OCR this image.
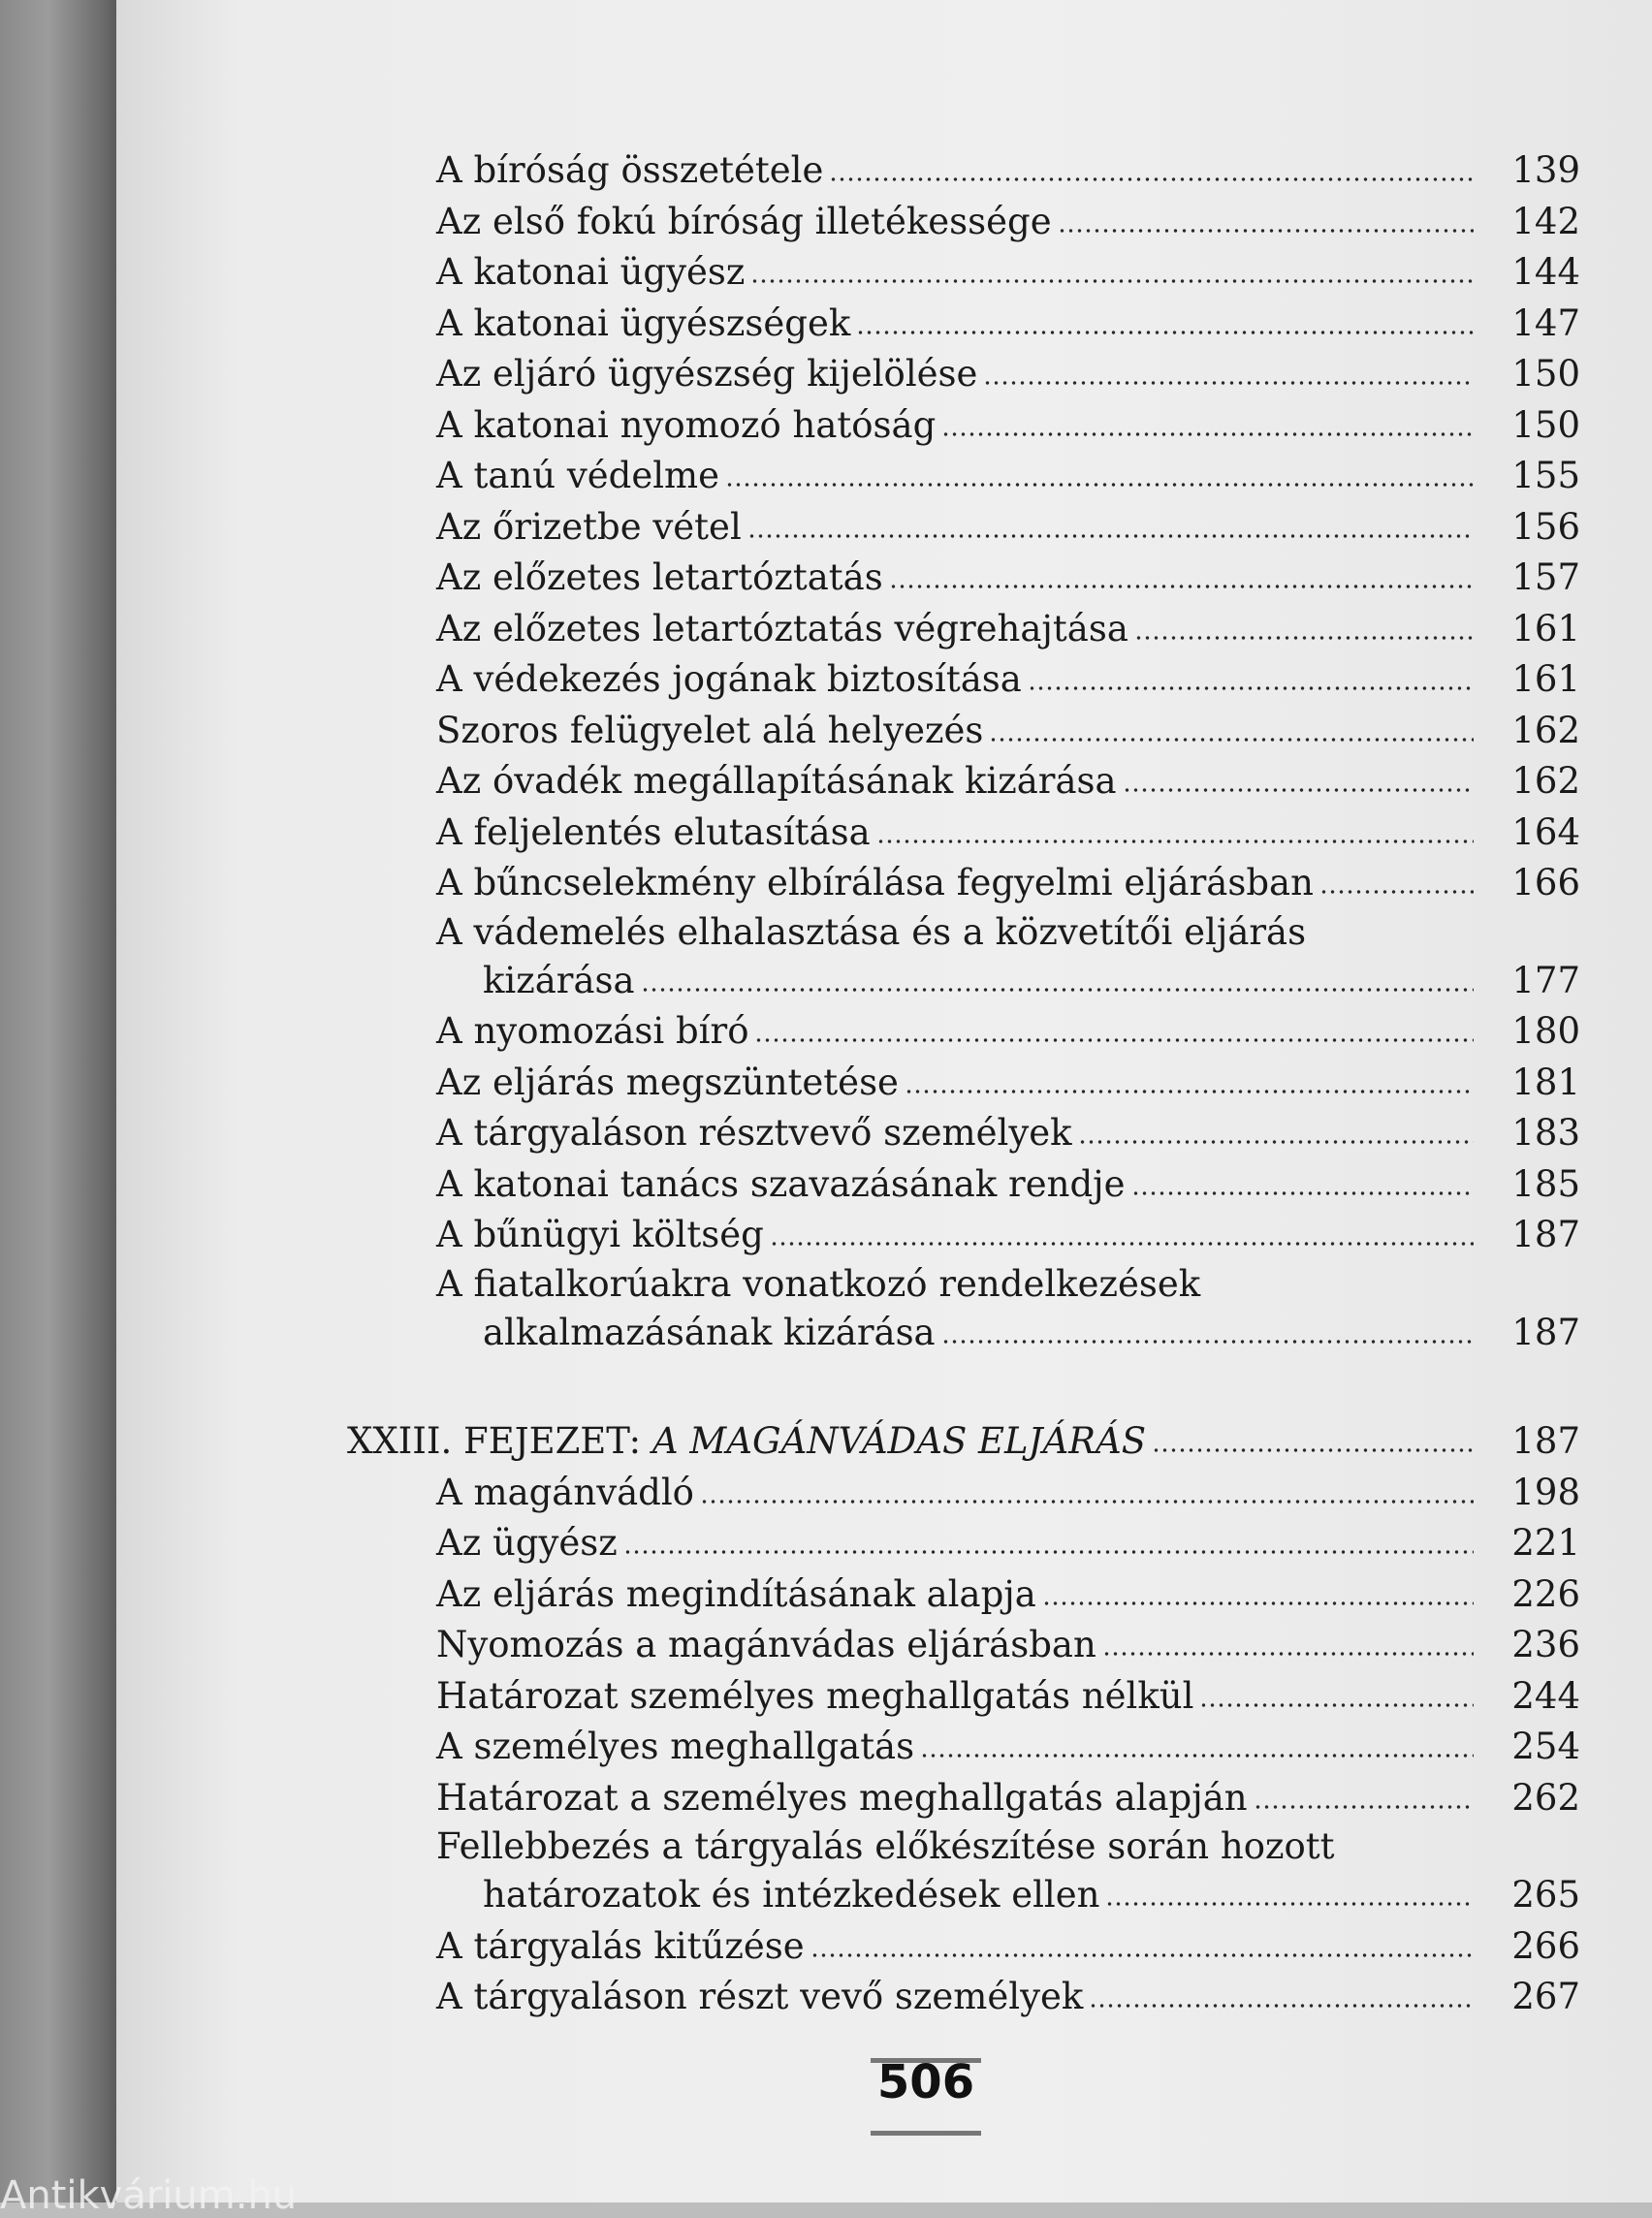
A bíróság összetétele	139
Az első fokú bíróság illetékessége	142
A katonai ügyész	144
A katonai ügyészségek	147
Az eljáró ügyészség kijelölése	150
A katonai nyomozó hatóság	150
A tanú védelme	155
Az őrizetbe vétel	156
Az előzetes letartóztatás	157
Az előzetes letartóztatás végrehajtása	161
A védekezés jogának biztosítása	161
Szoros felügyelet alá helyezés	162
Az óvadék megállapításának kizárása	162
A feljelentés elutasítása	164
A bűncselekmény elbírálása fegyelmi eljárásban	166
A vádemelés elhalasztása és a közvetítői eljárás
kizárása	177
A nyomozási bíró	180
Az eljárás megszüntetése	181
A tárgyaláson résztvevő személyek	183
A katonai tanács szavazásának rendje	185
A bűnügyi költség	187
A fiatalkorúakra vonatkozó rendelkezések
alkalmazásának kizárása	187
XXIII. FEJEZET: A MAGÁNVÁDAS ELJÁRÁS	187
A magánvádló	198
Az ügyész	221
Az eljárás megindításának alapja	226
Nyomozás a magánvádas eljárásban	236
Határozat személyes meghallgatás nélkül	244
A személyes meghallgatás	254
Határozat a személyes meghallgatás alapján	262
Fellebbezés a tárgyalás előkészítése során hozott
határozatok és intézkedések ellen	265
A tárgyalás kitűzése	266
A tárgyaláson részt vevő személyek	267
506
Antikvárium.hu
